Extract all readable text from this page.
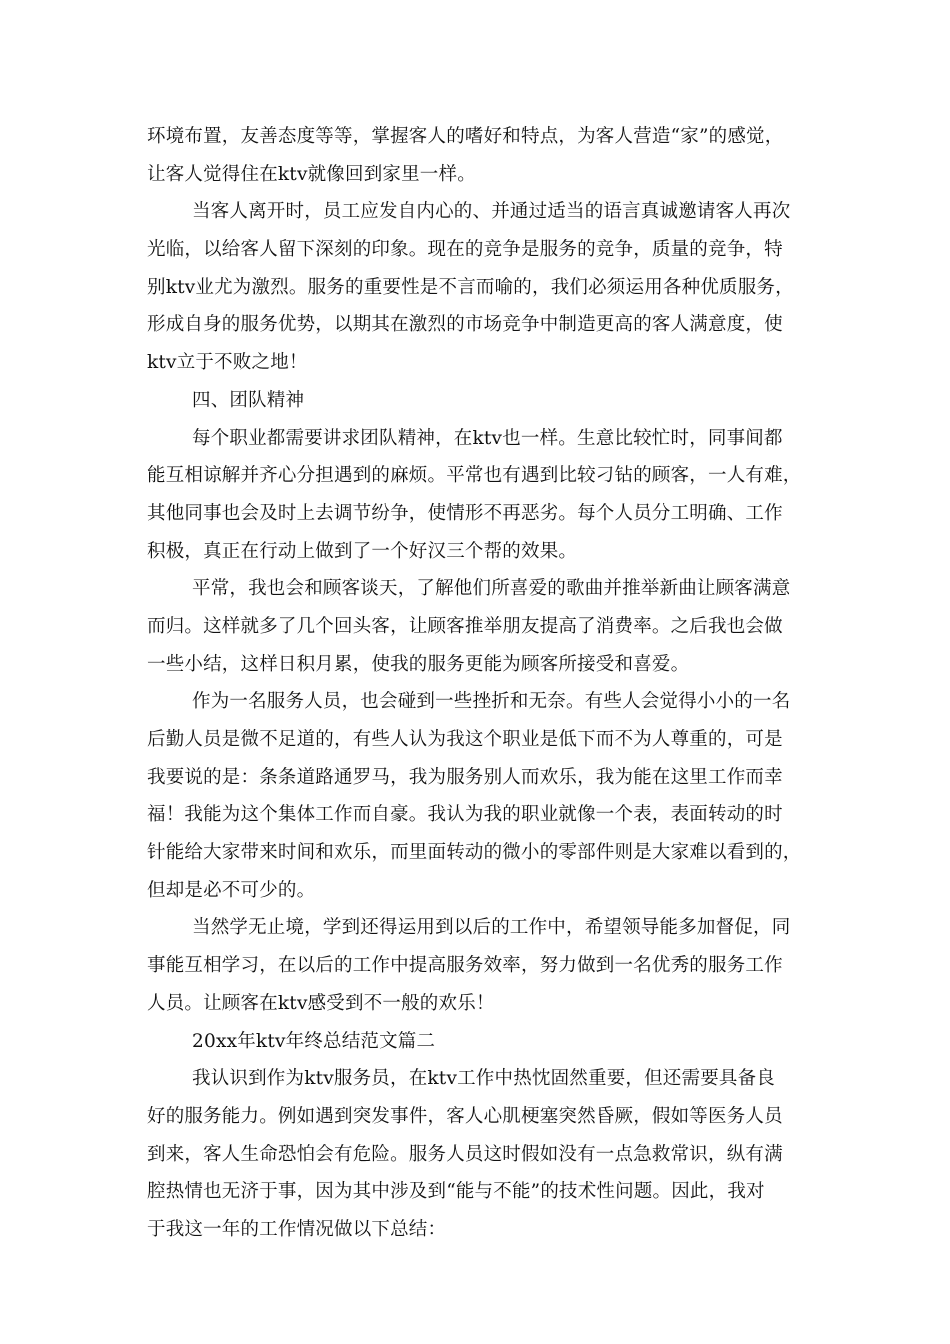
环境布置，友善态度等等，掌握客人的嗜好和特点，为客人营造“家”的感觉，
让客人觉得住在ktv就像回到家里一样。
当客人离开时，员工应发自内心的、并通过适当的语言真诚邀请客人再次
光临，以给客人留下深刻的印象。现在的竞争是服务的竞争，质量的竞争，特
别ktv业尤为激烈。服务的重要性是不言而喻的，我们必须运用各种优质服务，
形成自身的服务优势，以期其在激烈的市场竞争中制造更高的客人满意度，使
ktv立于不败之地！
四、团队精神
每个职业都需要讲求团队精神，在ktv也一样。生意比较忙时，同事间都
能互相谅解并齐心分担遇到的麻烦。平常也有遇到比较刁钻的顾客，一人有难，
其他同事也会及时上去调节纷争，使情形不再恶劣。每个人员分工明确、工作
积极，真正在行动上做到了一个好汉三个帮的效果。
平常，我也会和顾客谈天，了解他们所喜爱的歌曲并推举新曲让顾客满意
而归。这样就多了几个回头客，让顾客推举朋友提高了消费率。之后我也会做
一些小结，这样日积月累，使我的服务更能为顾客所接受和喜爱。
作为一名服务人员，也会碰到一些挫折和无奈。有些人会觉得小小的一名
后勤人员是微不足道的，有些人认为我这个职业是低下而不为人尊重的，可是
我要说的是：条条道路通罗马，我为服务别人而欢乐，我为能在这里工作而幸
福！我能为这个集体工作而自豪。我认为我的职业就像一个表，表面转动的时
针能给大家带来时间和欢乐，而里面转动的微小的零部件则是大家难以看到的，
但却是必不可少的。
当然学无止境，学到还得运用到以后的工作中，希望领导能多加督促，同
事能互相学习，在以后的工作中提高服务效率，努力做到一名优秀的服务工作
人员。让顾客在ktv感受到不一般的欢乐！
20xx年ktv年终总结范文篇二
我认识到作为ktv服务员，在ktv工作中热忱固然重要，但还需要具备良
好的服务能力。例如遇到突发事件，客人心肌梗塞突然昏厥，假如等医务人员
到来，客人生命恐怕会有危险。服务人员这时假如没有一点急救常识，纵有满
腔热情也无济于事，因为其中涉及到“能与不能”的技术性问题。因此，我对
于我这一年的工作情况做以下总结：
